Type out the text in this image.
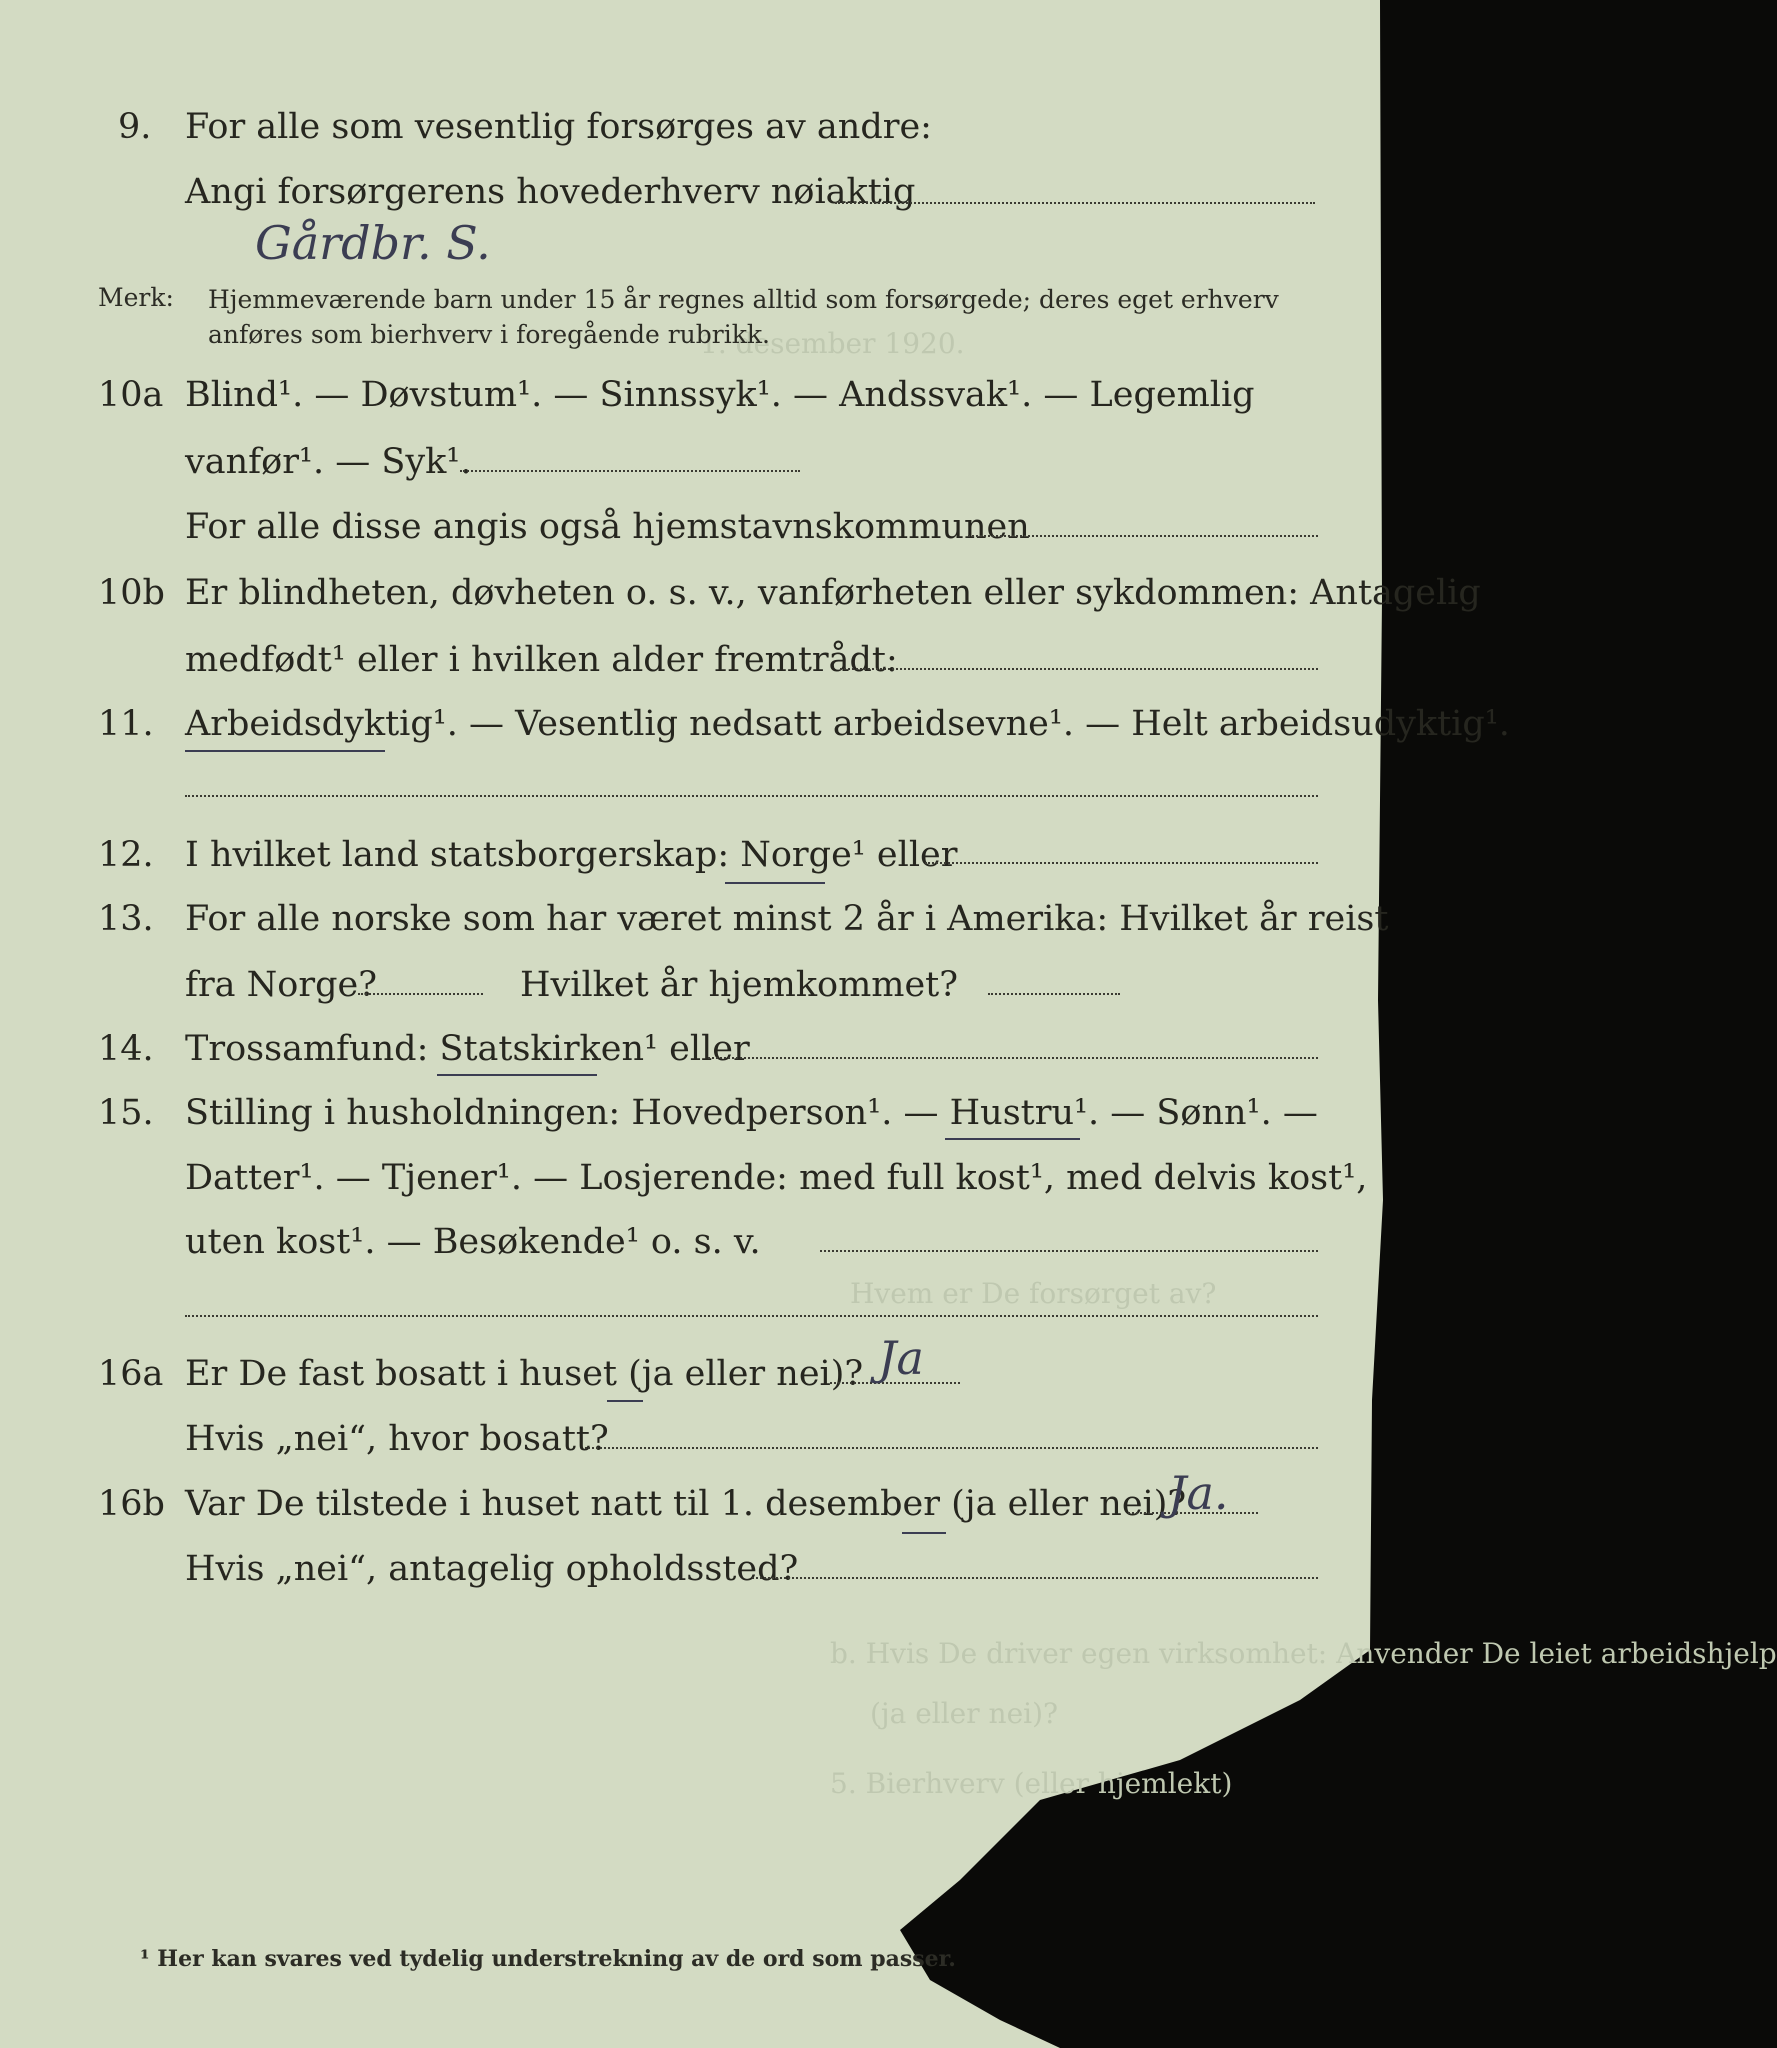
1. desember 1920.
Hvem er De forsørget av?
b. Hvis De driver egen virksomhet: Anvender De leiet arbeidshjelp
(ja eller nei)?
5. Bierhverv (eller hjemlekt)
9. For alle som vesentlig forsørges av andre:
Angi forsørgerens hovederhverv nøiaktig
Gårdbr. S.
Merk: Hjemmeværende barn under 15 år regnes alltid som forsørgede; deres eget erhverv
anføres som bierhverv i foregående rubrikk.
10a Blind¹. — Døvstum¹. — Sinnssyk¹. — Andssvak¹. — Legemlig
vanfør¹. — Syk¹.
For alle disse angis også hjemstavnskommunen
10b Er blindheten, døvheten o. s. v., vanførheten eller sykdommen: Antagelig
medfødt¹ eller i hvilken alder fremtrådt:
11. Arbeidsdyktig¹. — Vesentlig nedsatt arbeidsevne¹. — Helt arbeidsudyktig¹.
12. I hvilket land statsborgerskap: Norge¹ eller
13. For alle norske som har været minst 2 år i Amerika: Hvilket år reist
fra Norge?	Hvilket år hjemkommet?
14. Trossamfund: Statskirken¹ eller
15. Stilling i husholdningen: Hovedperson¹. — Hustru¹. — Sønn¹. —
Datter¹. — Tjener¹. — Losjerende: med full kost¹, med delvis kost¹,
uten kost¹. — Besøkende¹ o. s. v.
16a Er De fast bosatt i huset (ja eller nei)? Ja
Hvis „nei“, hvor bosatt?
16b Var De tilstede i huset natt til 1. desember (ja eller nei)?
Ja.
Hvis „nei“, antagelig opholdssted?
¹ Her kan svares ved tydelig understrekning av de ord som passer.
